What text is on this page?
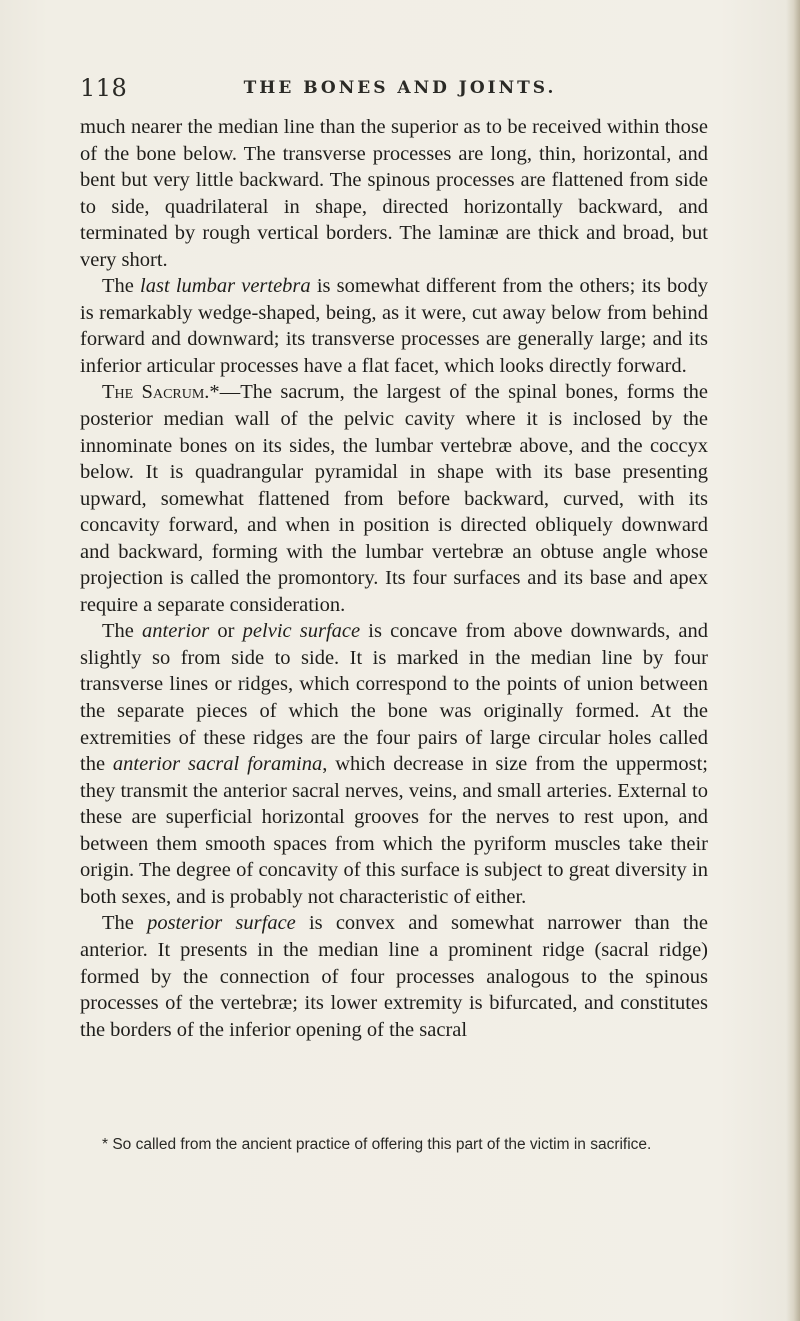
118	THE BONES AND JOINTS.

much nearer the median line than the superior as to be received within those of the bone below. The transverse processes are long, thin, horizontal, and bent but very little backward. The spinous processes are flattened from side to side, quadrilateral in shape, directed horizontally backward, and terminated by rough vertical borders. The laminæ are thick and broad, but very short.

The last lumbar vertebra is somewhat different from the others; its body is remarkably wedge-shaped, being, as it were, cut away below from behind forward and downward; its transverse processes are generally large; and its inferior articular processes have a flat facet, which looks directly forward.

The Sacrum.*—The sacrum, the largest of the spinal bones, forms the posterior median wall of the pelvic cavity where it is inclosed by the innominate bones on its sides, the lumbar vertebræ above, and the coccyx below. It is quadrangular pyramidal in shape with its base presenting upward, somewhat flattened from before backward, curved, with its concavity forward, and when in position is directed obliquely downward and backward, forming with the lumbar vertebræ an obtuse angle whose projection is called the promontory. Its four surfaces and its base and apex require a separate consideration.

The anterior or pelvic surface is concave from above downwards, and slightly so from side to side. It is marked in the median line by four transverse lines or ridges, which correspond to the points of union between the separate pieces of which the bone was originally formed. At the extremities of these ridges are the four pairs of large circular holes called the anterior sacral foramina, which decrease in size from the uppermost; they transmit the anterior sacral nerves, veins, and small arteries. External to these are superficial horizontal grooves for the nerves to rest upon, and between them smooth spaces from which the pyriform muscles take their origin. The degree of concavity of this surface is subject to great diversity in both sexes, and is probably not characteristic of either.

The posterior surface is convex and somewhat narrower than the anterior. It presents in the median line a prominent ridge (sacral ridge) formed by the connection of four processes analogous to the spinous processes of the vertebræ; its lower extremity is bifurcated, and constitutes the borders of the inferior opening of the sacral

* So called from the ancient practice of offering this part of the victim in sacrifice.
